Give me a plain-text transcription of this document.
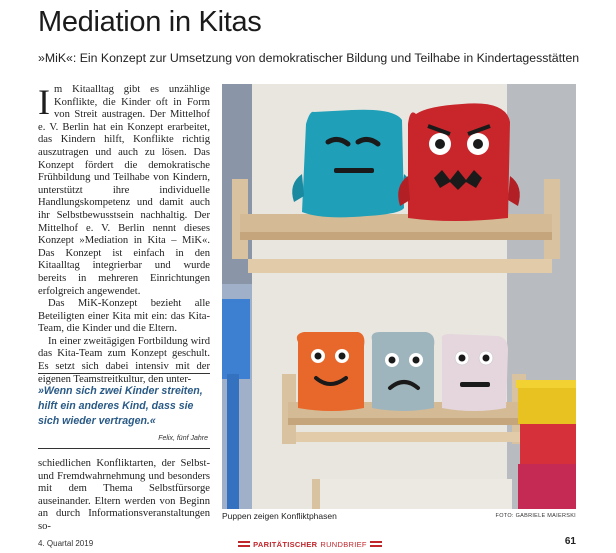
Mediation in Kitas

»MiK«: Ein Konzept zur Umsetzung von demokratischer Bildung und Teilhabe in Kindertagesstätten

Im Kitaalltag gibt es unzählige Konflikte, die Kinder oft in Form von Streit austragen. Der Mittelhof e. V. Berlin hat ein Konzept erarbeitet, das Kindern hilft, Konflikte richtig auszutragen und auch zu lösen. Das Konzept fördert die demokratische Frühbildung und Teilhabe von Kindern, unterstützt ihre individuelle Handlungskompetenz und damit auch ihr Selbstbewusstsein nachhaltig. Der Mittelhof e. V. Berlin nennt dieses Konzept »Mediation in Kita – MiK«. Das Konzept ist einfach in den Kitaalltag integrierbar und wurde bereits in mehreren Einrichtungen erfolgreich angewendet.

Das MiK-Konzept bezieht alle Beteiligten einer Kita mit ein: das Kita-Team, die Kinder und die Eltern.

In einer zweitägigen Fortbildung wird das Kita-Team zum Konzept geschult. Es setzt sich dabei intensiv mit der eigenen Teamstreitkultur, den unter-

»Wenn sich zwei Kinder streiten, hilft ein anderes Kind, dass sie sich wieder vertragen.«

Felix, fünf Jahre

schiedlichen Konfliktarten, der Selbst- und Fremdwahrnehmung und besonders mit dem Thema Selbstfürsorge auseinander. Eltern werden von Beginn an durch Informationsveranstaltungen so-

Puppen zeigen Konfliktphasen	FOTO: GABRIELE MAIERSKI

4. Quartal 2019	PARITÄTISCHER RUNDBRIEF	61
